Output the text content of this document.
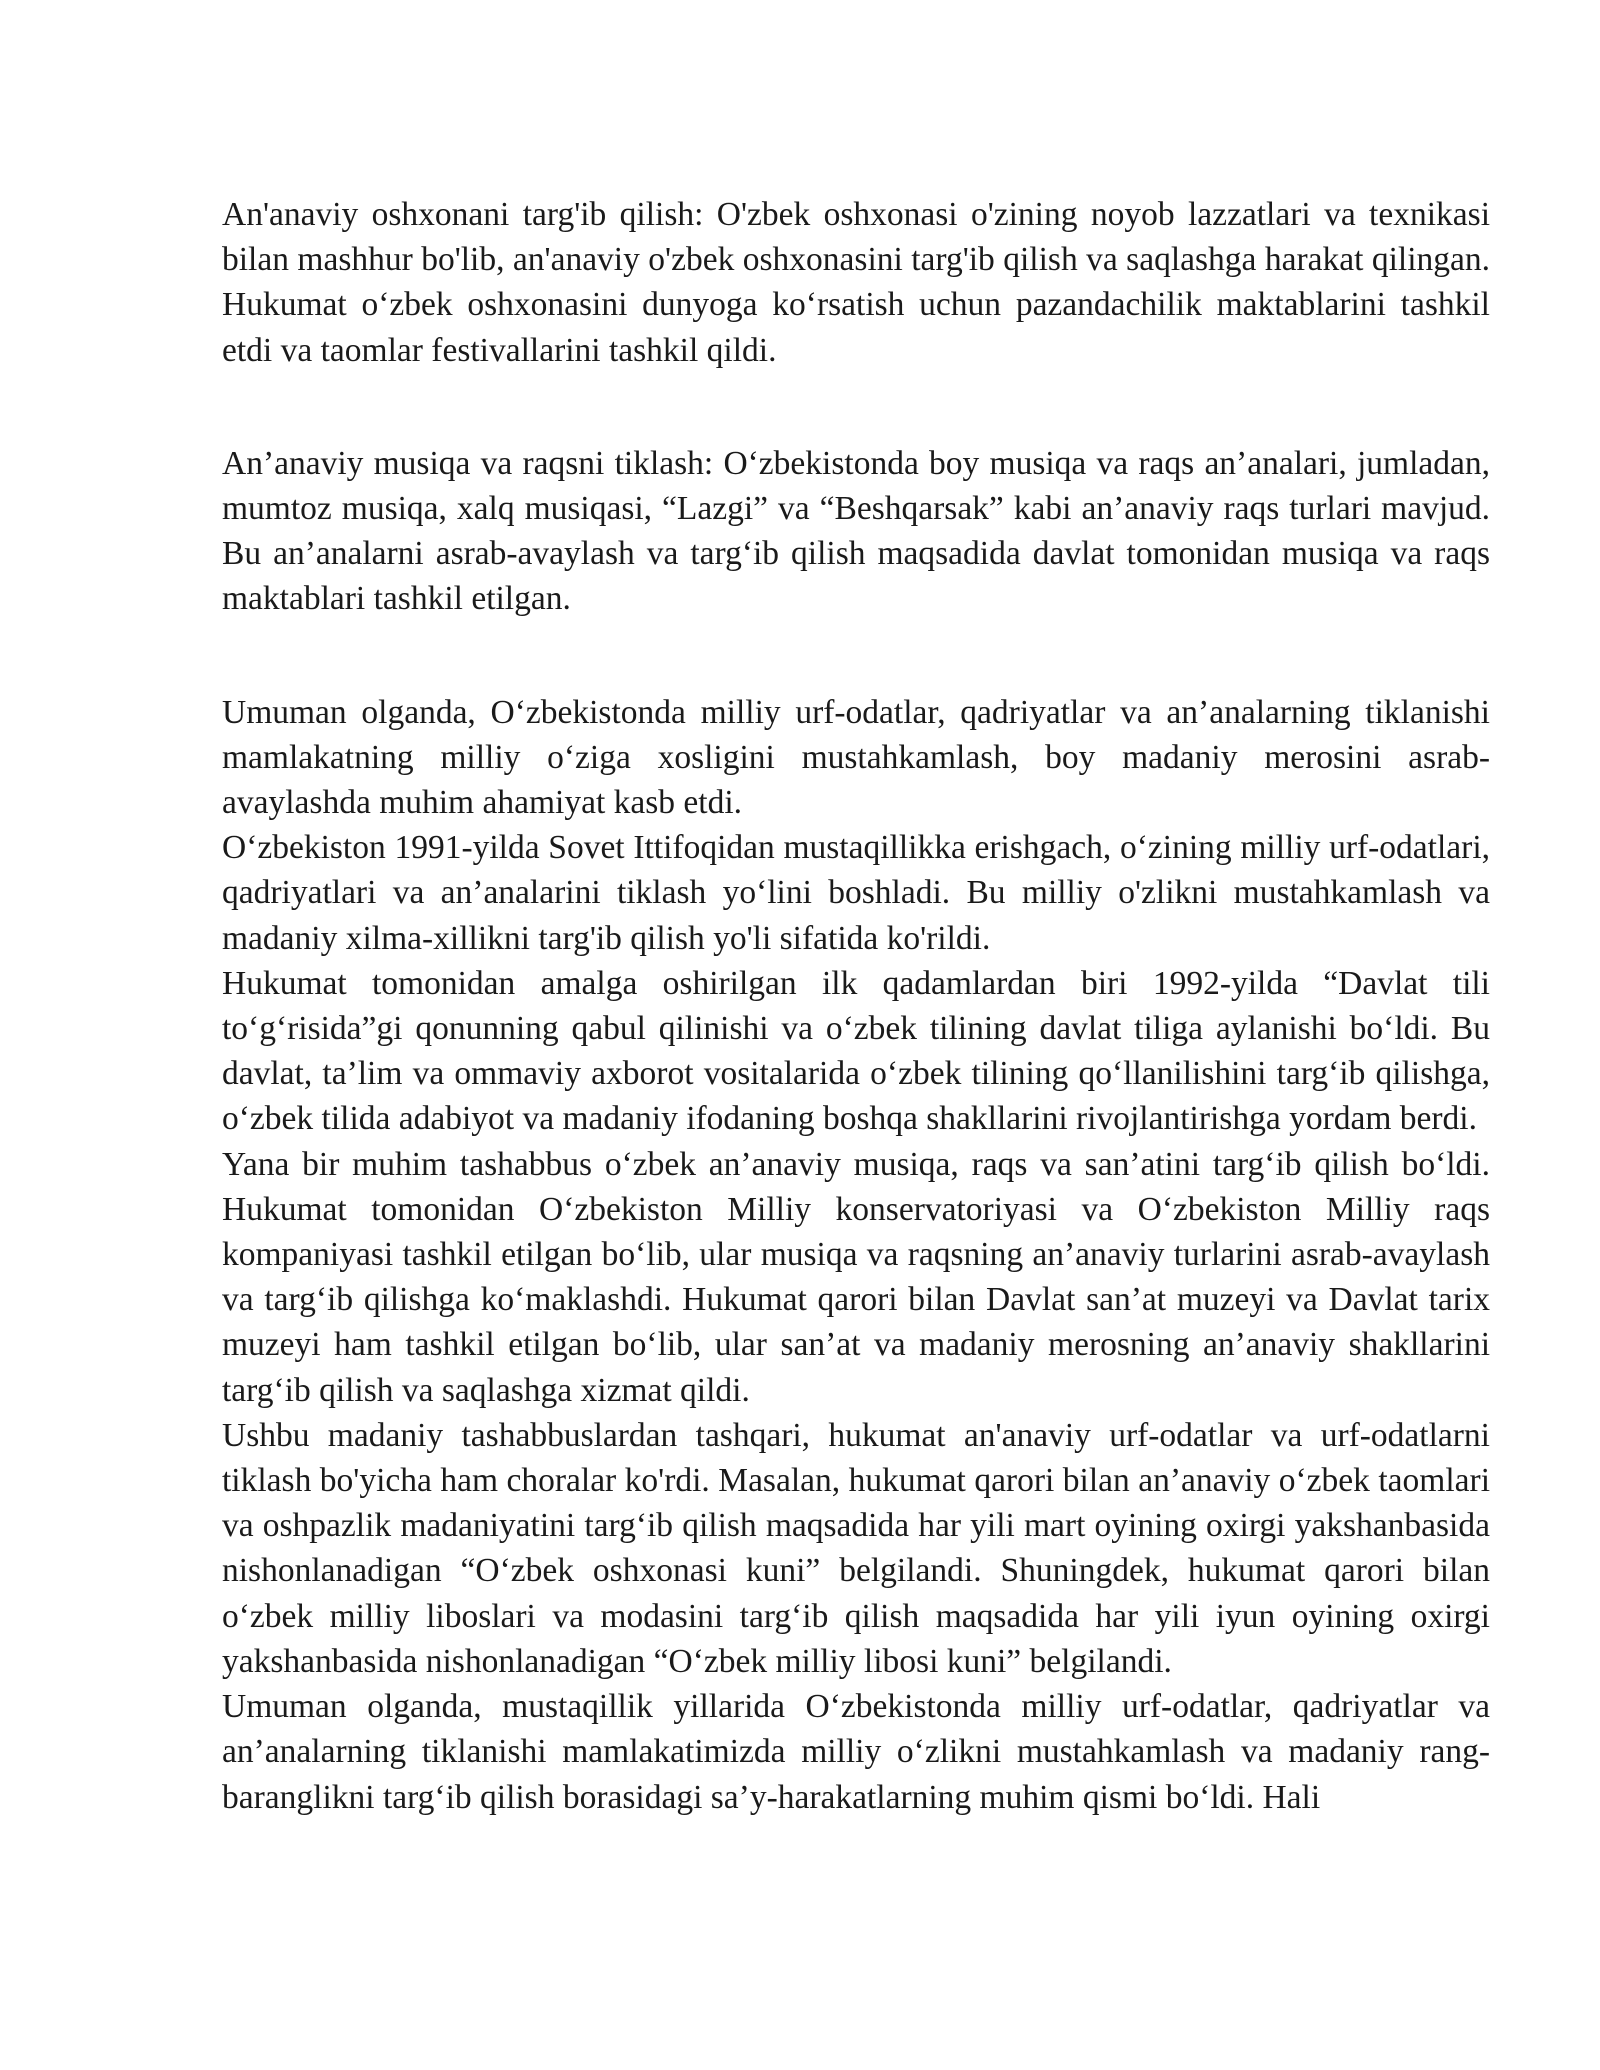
An'anaviy oshxonani targ'ib qilish: O'zbek oshxonasi o'zining noyob lazzatlari va texnikasi bilan mashhur bo'lib, an'anaviy o'zbek oshxonasini targ'ib qilish va saqlashga harakat qilingan. Hukumat oʻzbek oshxonasini dunyoga koʻrsatish uchun pazandachilik maktablarini tashkil etdi va taomlar festivallarini tashkil qildi.

An’anaviy musiqa va raqsni tiklash: Oʻzbekistonda boy musiqa va raqs an’analari, jumladan, mumtoz musiqa, xalq musiqasi, “Lazgi” va “Beshqarsak” kabi an’anaviy raqs turlari mavjud. Bu an’analarni asrab-avaylash va targʻib qilish maqsadida davlat tomonidan musiqa va raqs maktablari tashkil etilgan.

Umuman olganda, Oʻzbekistonda milliy urf-odatlar, qadriyatlar va an’analarning tiklanishi mamlakatning milliy oʻziga xosligini mustahkamlash, boy madaniy merosini asrab-avaylashda muhim ahamiyat kasb etdi.

Oʻzbekiston 1991-yilda Sovet Ittifoqidan mustaqillikka erishgach, oʻzining milliy urf-odatlari, qadriyatlari va an’analarini tiklash yoʻlini boshladi. Bu milliy o'zlikni mustahkamlash va madaniy xilma-xillikni targ'ib qilish yo'li sifatida ko'rildi.

Hukumat tomonidan amalga oshirilgan ilk qadamlardan biri 1992-yilda “Davlat tili toʻgʻrisida”gi qonunning qabul qilinishi va oʻzbek tilining davlat tiliga aylanishi boʻldi. Bu davlat, ta’lim va ommaviy axborot vositalarida oʻzbek tilining qoʻllanilishini targʻib qilishga, oʻzbek tilida adabiyot va madaniy ifodaning boshqa shakllarini rivojlantirishga yordam berdi.

Yana bir muhim tashabbus oʻzbek an’anaviy musiqa, raqs va san’atini targʻib qilish boʻldi. Hukumat tomonidan Oʻzbekiston Milliy konservatoriyasi va Oʻzbekiston Milliy raqs kompaniyasi tashkil etilgan boʻlib, ular musiqa va raqsning an’anaviy turlarini asrab-avaylash va targʻib qilishga koʻmaklashdi. Hukumat qarori bilan Davlat san’at muzeyi va Davlat tarix muzeyi ham tashkil etilgan boʻlib, ular san’at va madaniy merosning an’anaviy shakllarini targʻib qilish va saqlashga xizmat qildi.

Ushbu madaniy tashabbuslardan tashqari, hukumat an'anaviy urf-odatlar va urf-odatlarni tiklash bo'yicha ham choralar ko'rdi. Masalan, hukumat qarori bilan an’anaviy oʻzbek taomlari va oshpazlik madaniyatini targʻib qilish maqsadida har yili mart oyining oxirgi yakshanbasida nishonlanadigan “Oʻzbek oshxonasi kuni” belgilandi. Shuningdek, hukumat qarori bilan oʻzbek milliy liboslari va modasini targʻib qilish maqsadida har yili iyun oyining oxirgi yakshanbasida nishonlanadigan “Oʻzbek milliy libosi kuni” belgilandi.

Umuman olganda, mustaqillik yillarida Oʻzbekistonda milliy urf-odatlar, qadriyatlar va an’analarning tiklanishi mamlakatimizda milliy oʻzlikni mustahkamlash va madaniy rang-baranglikni targʻib qilish borasidagi sa’y-harakatlarning muhim qismi boʻldi. Hali
